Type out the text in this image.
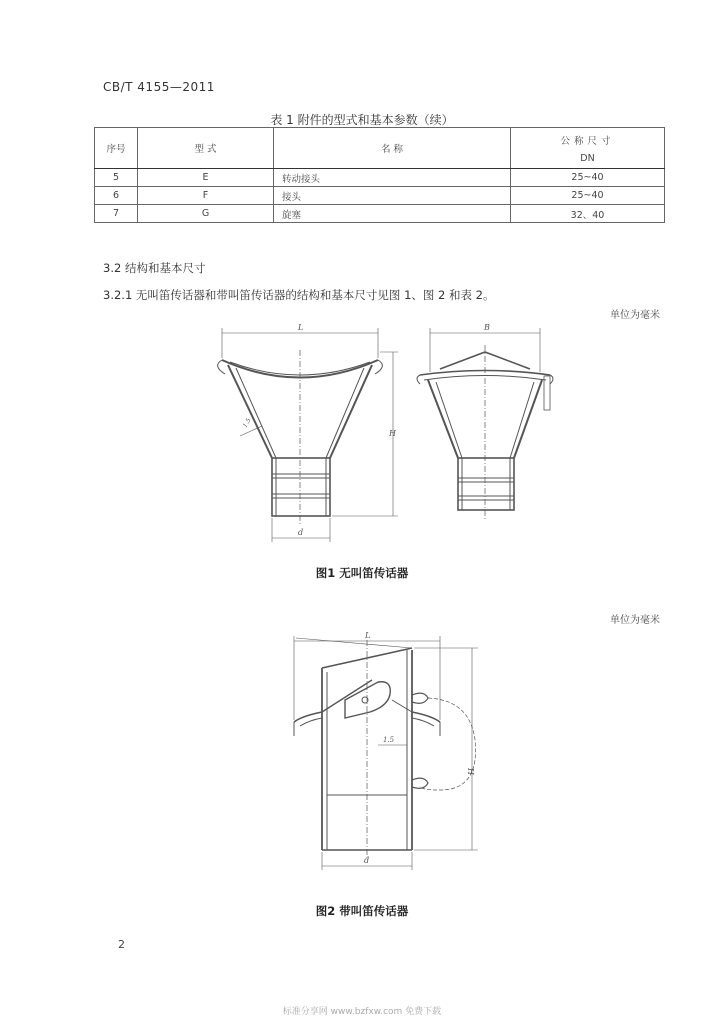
CB/T 4155—2011
表 1 附件的型式和基本参数（续）
序号	型 式	名 称	公称尺寸
DN

5	E	转动接头	25~40
6	F	接头	25~40
7	G	旋塞	32、40
3.2 结构和基本尺寸
3.2.1 无叫笛传话器和带叫笛传话器的结构和基本尺寸见图 1、图 2 和表 2。
单位为毫米
L	B
H
d
1.5
L
H
d
1.5
图1 无叫笛传话器
单位为毫米
图2 带叫笛传话器
2
标准分享网 www.bzfxw.com 免费下载
